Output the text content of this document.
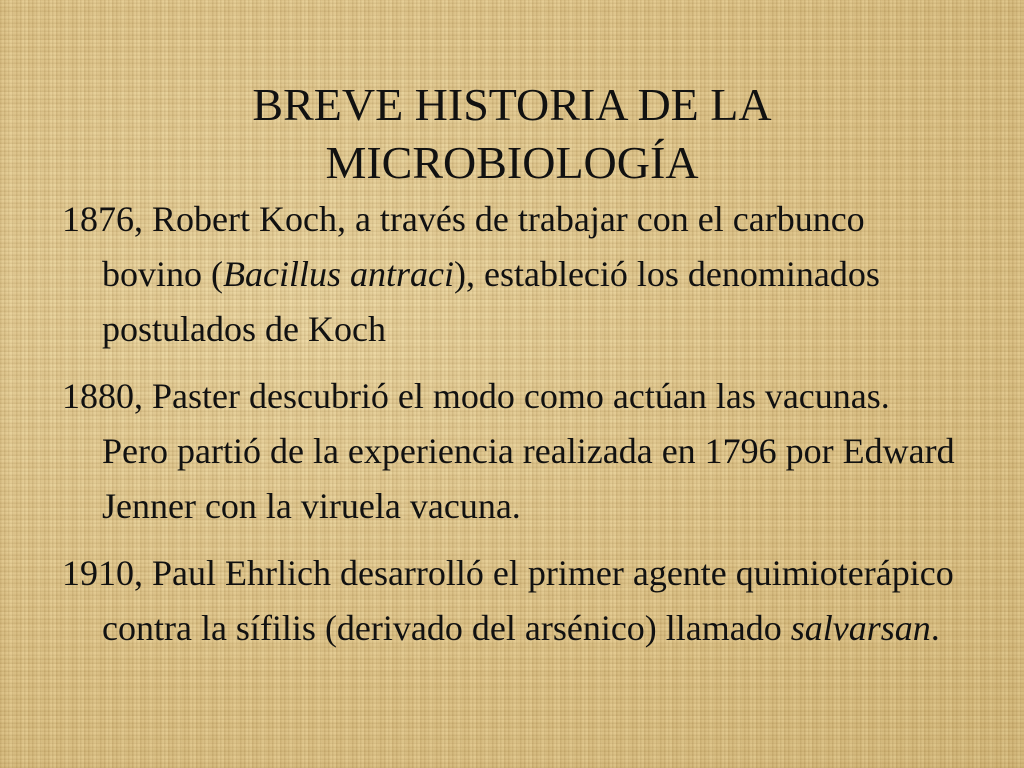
BREVE HISTORIA DE LA
MICROBIOLOGÍA
1876, Robert Koch, a través de trabajar con el carbunco bovino (Bacillus antraci), estableció los denominados postulados de Koch
1880, Paster descubrió el modo como actúan las vacunas. Pero partió de la experiencia realizada en 1796 por Edward Jenner con la viruela vacuna.
1910, Paul Ehrlich desarrolló el primer agente quimioterápico contra la sífilis (derivado del arsénico) llamado salvarsan.
